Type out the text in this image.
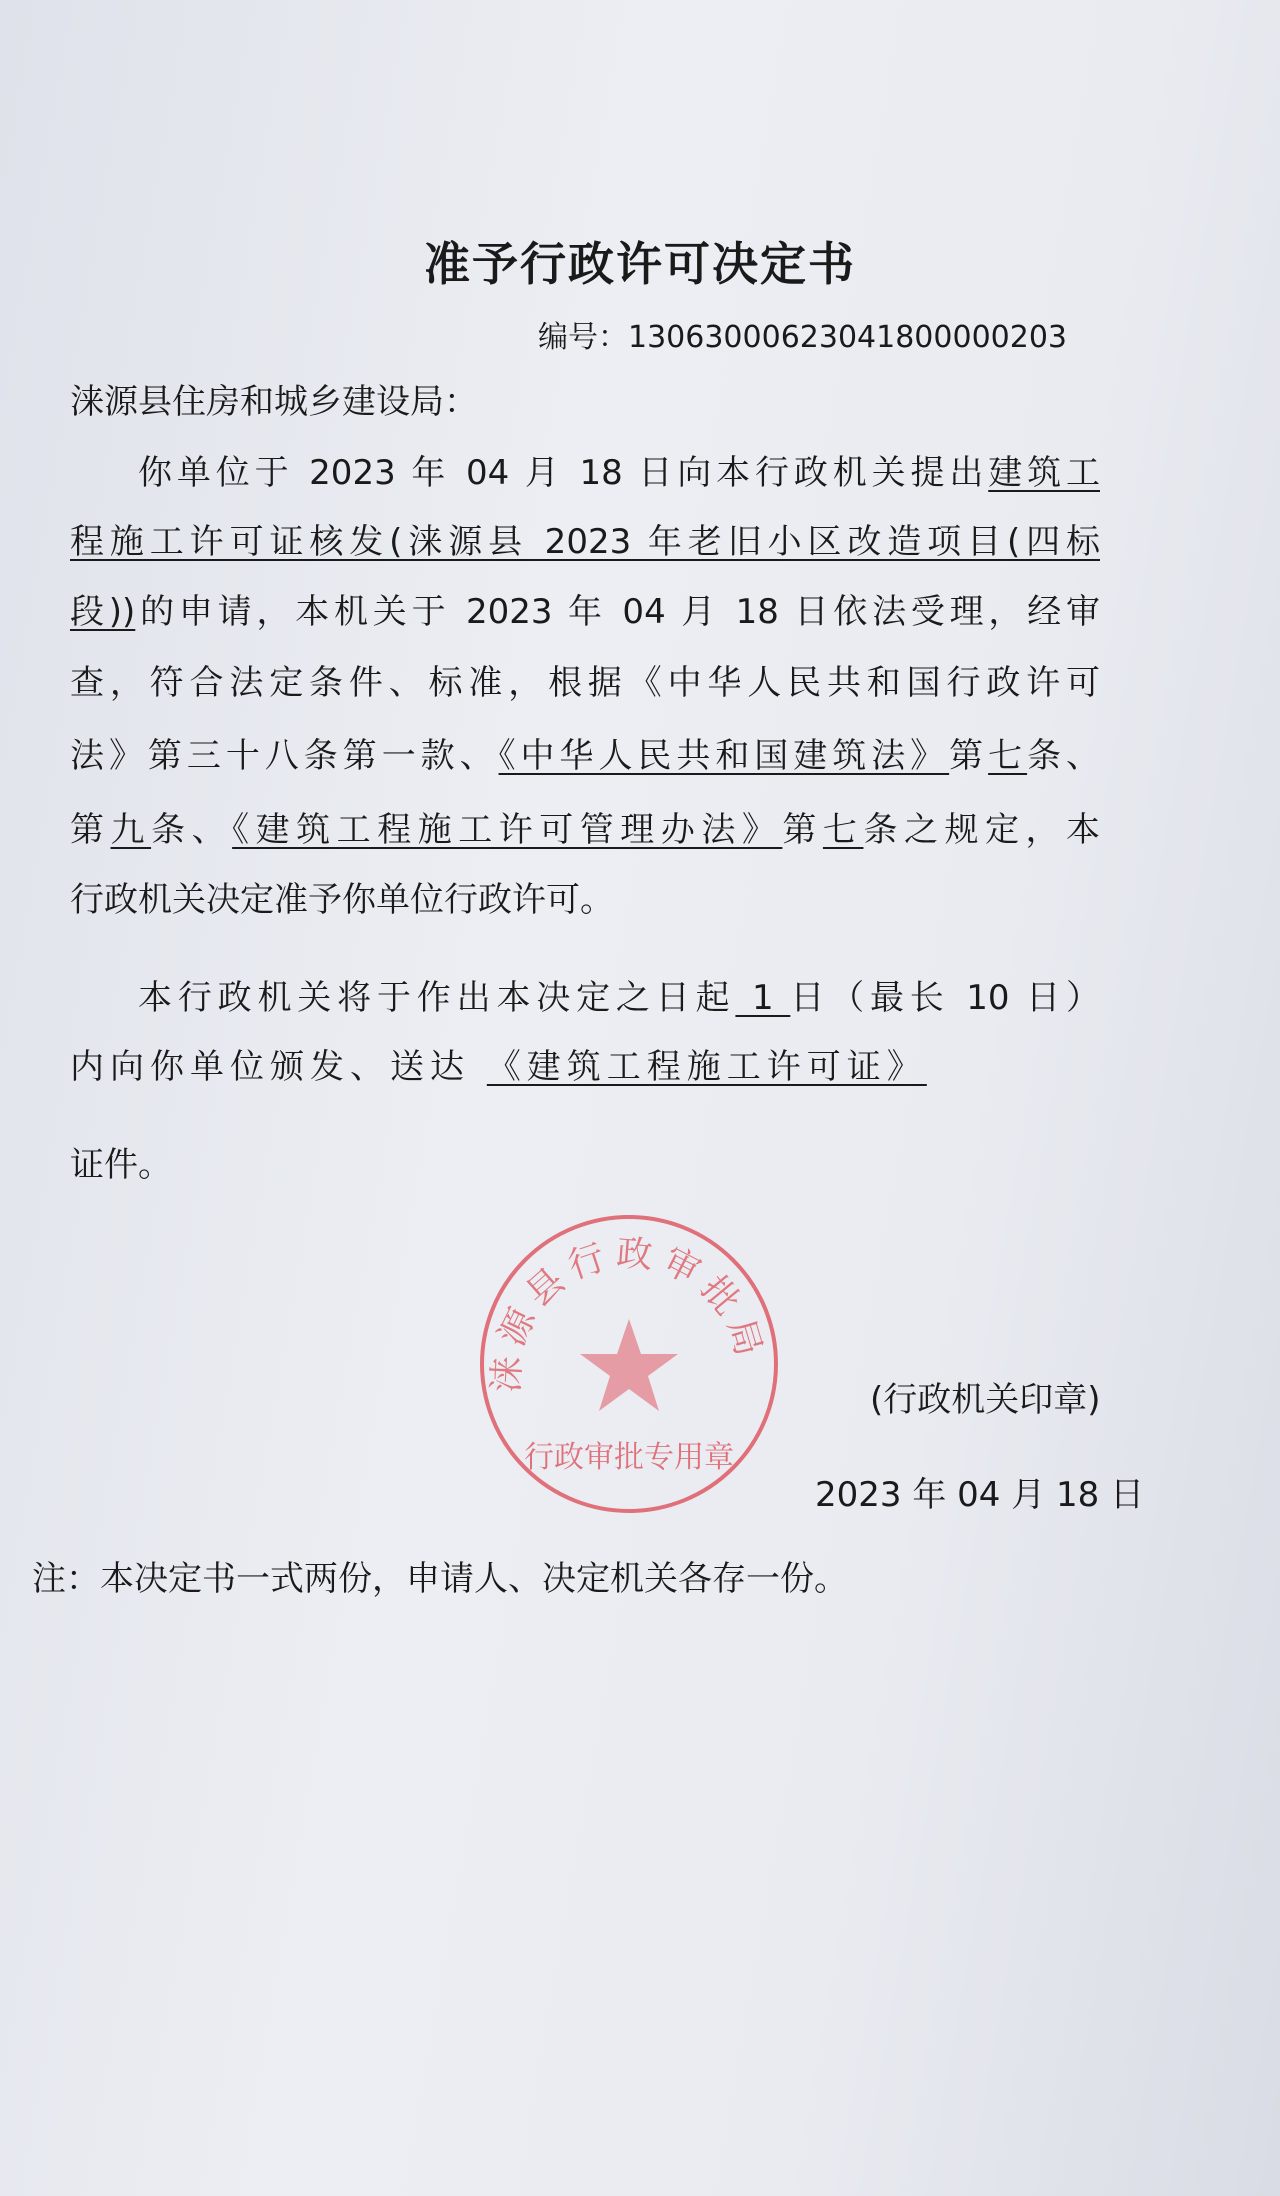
准予行政许可决定书
编号：13063000623041800000203
涞源县住房和城乡建设局：
你单位于 2023 年 04 月 18 日向本行政机关提出建筑工
程施工许可证核发(涞源县 2023 年老旧小区改造项目(四标
段))的申请，本机关于 2023 年 04 月 18 日依法受理，经审
查，符合法定条件、标准，根据《中华人民共和国行政许可
法》第三十八条第一款、《中华人民共和国建筑法》第七条、
第九条、《建筑工程施工许可管理办法》第七条之规定，本
行政机关决定准予你单位行政许可。
本行政机关将于作出本决定之日起 1 日（最长 10 日）
内向你单位颁发、送达 《建筑工程施工许可证》
证件。
涞源县行政审批局
行政审批专用章
(行政机关印章)
2023 年 04 月 18 日
注：本决定书一式两份，申请人、决定机关各存一份。
